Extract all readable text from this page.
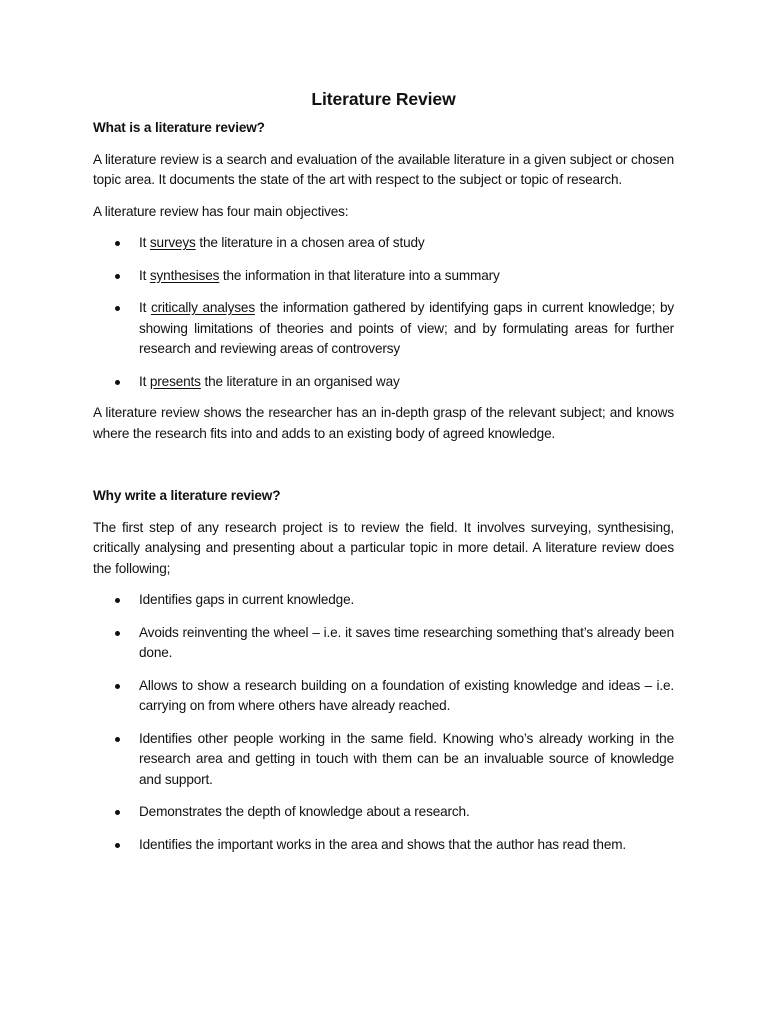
Literature Review
What is a literature review?

A literature review is a search and evaluation of the available literature in a given subject or chosen topic area. It documents the state of the art with respect to the subject or topic of research.

A literature review has four main objectives:

It surveys the literature in a chosen area of study
It synthesises the information in that literature into a summary
It critically analyses the information gathered by identifying gaps in current knowledge; by showing limitations of theories and points of view; and by formulating areas for further research and reviewing areas of controversy
It presents the literature in an organised way

A literature review shows the researcher has an in-depth grasp of the relevant subject; and knows where the research fits into and adds to an existing body of agreed knowledge.

Why write a literature review?

The first step of any research project is to review the field. It involves surveying, synthesising, critically analysing and presenting about a particular topic in more detail. A literature review does the following;

Identifies gaps in current knowledge.
Avoids reinventing the wheel – i.e. it saves time researching something that’s already been done.
Allows to show a research building on a foundation of existing knowledge and ideas – i.e. carrying on from where others have already reached.
Identifies other people working in the same field. Knowing who’s already working in the research area and getting in touch with them can be an invaluable source of knowledge and support.
Demonstrates the depth of knowledge about a research.
Identifies the important works in the area and shows that the author has read them.
